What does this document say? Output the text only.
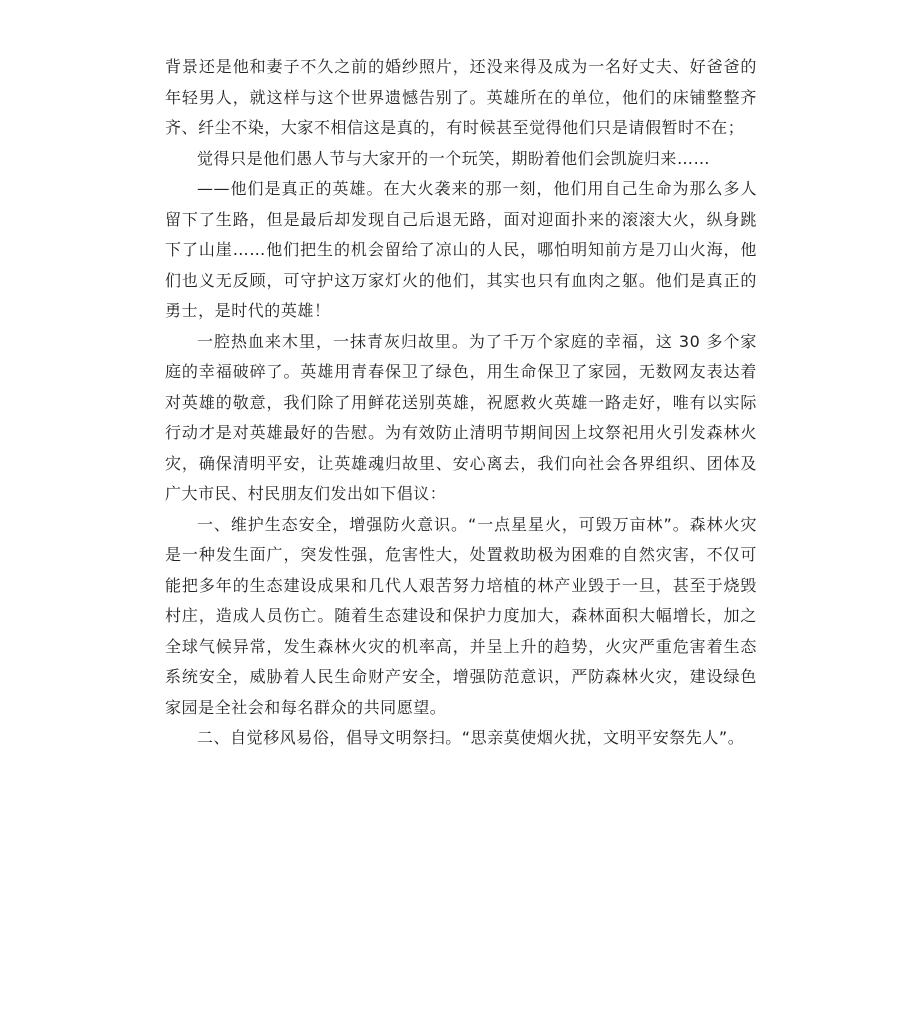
背景还是他和妻子不久之前的婚纱照片，还没来得及成为一名好丈夫、好爸爸的年轻男人，就这样与这个世界遗憾告别了。英雄所在的单位，他们的床铺整整齐齐、纤尘不染，大家不相信这是真的，有时候甚至觉得他们只是请假暂时不在；

觉得只是他们愚人节与大家开的一个玩笑，期盼着他们会凯旋归来……

——他们是真正的英雄。在大火袭来的那一刻，他们用自己生命为那么多人留下了生路，但是最后却发现自己后退无路，面对迎面扑来的滚滚大火，纵身跳下了山崖……他们把生的机会留给了凉山的人民，哪怕明知前方是刀山火海，他们也义无反顾，可守护这万家灯火的他们，其实也只有血肉之躯。他们是真正的勇士，是时代的英雄！

一腔热血来木里，一抹青灰归故里。为了千万个家庭的幸福，这 30 多个家庭的幸福破碎了。英雄用青春保卫了绿色，用生命保卫了家园，无数网友表达着对英雄的敬意，我们除了用鲜花送别英雄，祝愿救火英雄一路走好，唯有以实际行动才是对英雄最好的告慰。为有效防止清明节期间因上坟祭祀用火引发森林火灾，确保清明平安，让英雄魂归故里、安心离去，我们向社会各界组织、团体及广大市民、村民朋友们发出如下倡议：

一、维护生态安全，增强防火意识。“一点星星火，可毁万亩林”。森林火灾是一种发生面广，突发性强，危害性大，处置救助极为困难的自然灾害，不仅可能把多年的生态建设成果和几代人艰苦努力培植的林产业毁于一旦，甚至于烧毁村庄，造成人员伤亡。随着生态建设和保护力度加大，森林面积大幅增长，加之全球气候异常，发生森林火灾的机率高，并呈上升的趋势，火灾严重危害着生态系统安全，威胁着人民生命财产安全，增强防范意识，严防森林火灾，建设绿色家园是全社会和每名群众的共同愿望。

二、自觉移风易俗，倡导文明祭扫。“思亲莫使烟火扰，文明平安祭先人”。
